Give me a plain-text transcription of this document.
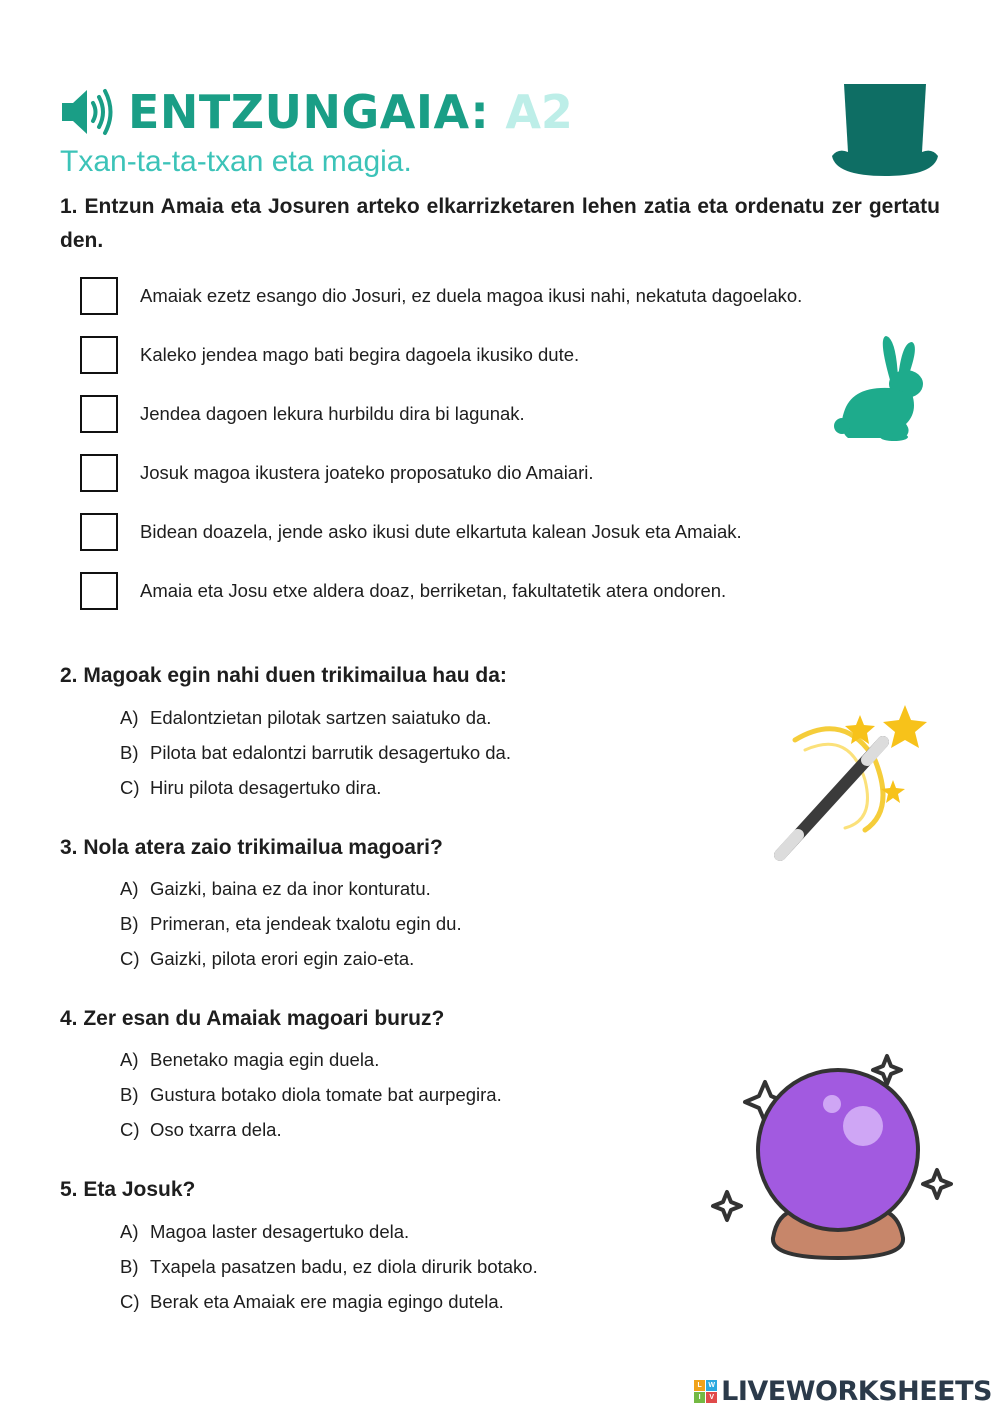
ENTZUNGAIA: A2
Txan-ta-ta-txan eta magia.
1. Entzun Amaia eta Josuren arteko elkarrizketaren lehen zatia eta ordenatu zer gertatu den.
Amaiak ezetz esango dio Josuri, ez duela magoa ikusi nahi, nekatuta dagoelako.
Kaleko jendea mago bati begira dagoela ikusiko dute.
Jendea dagoen lekura hurbildu dira bi lagunak.
Josuk magoa ikustera joateko proposatuko dio Amaiari.
Bidean doazela, jende asko ikusi dute elkartuta kalean Josuk eta Amaiak.
Amaia eta Josu etxe aldera doaz, berriketan, fakultatetik atera ondoren.
2. Magoak egin nahi duen trikimailua hau da:
A) Edalontzietan pilotak sartzen saiatuko da.
B) Pilota bat edalontzi barrutik desagertuko da.
C) Hiru pilota desagertuko dira.
3. Nola atera zaio trikimailua magoari?
A) Gaizki, baina ez da inor konturatu.
B) Primeran, eta jendeak txalotu egin du.
C) Gaizki, pilota erori egin zaio-eta.
4. Zer esan du Amaiak magoari buruz?
A) Benetako magia egin duela.
B) Gustura botako diola tomate bat aurpegira.
C) Oso txarra dela.
5. Eta Josuk?
A) Magoa laster desagertuko dela.
B) Txapela pasatzen badu, ez diola dirurik botako.
C) Berak eta Amaiak ere magia egingo dutela.
L W
I	V LIVEWORKSHEETS
